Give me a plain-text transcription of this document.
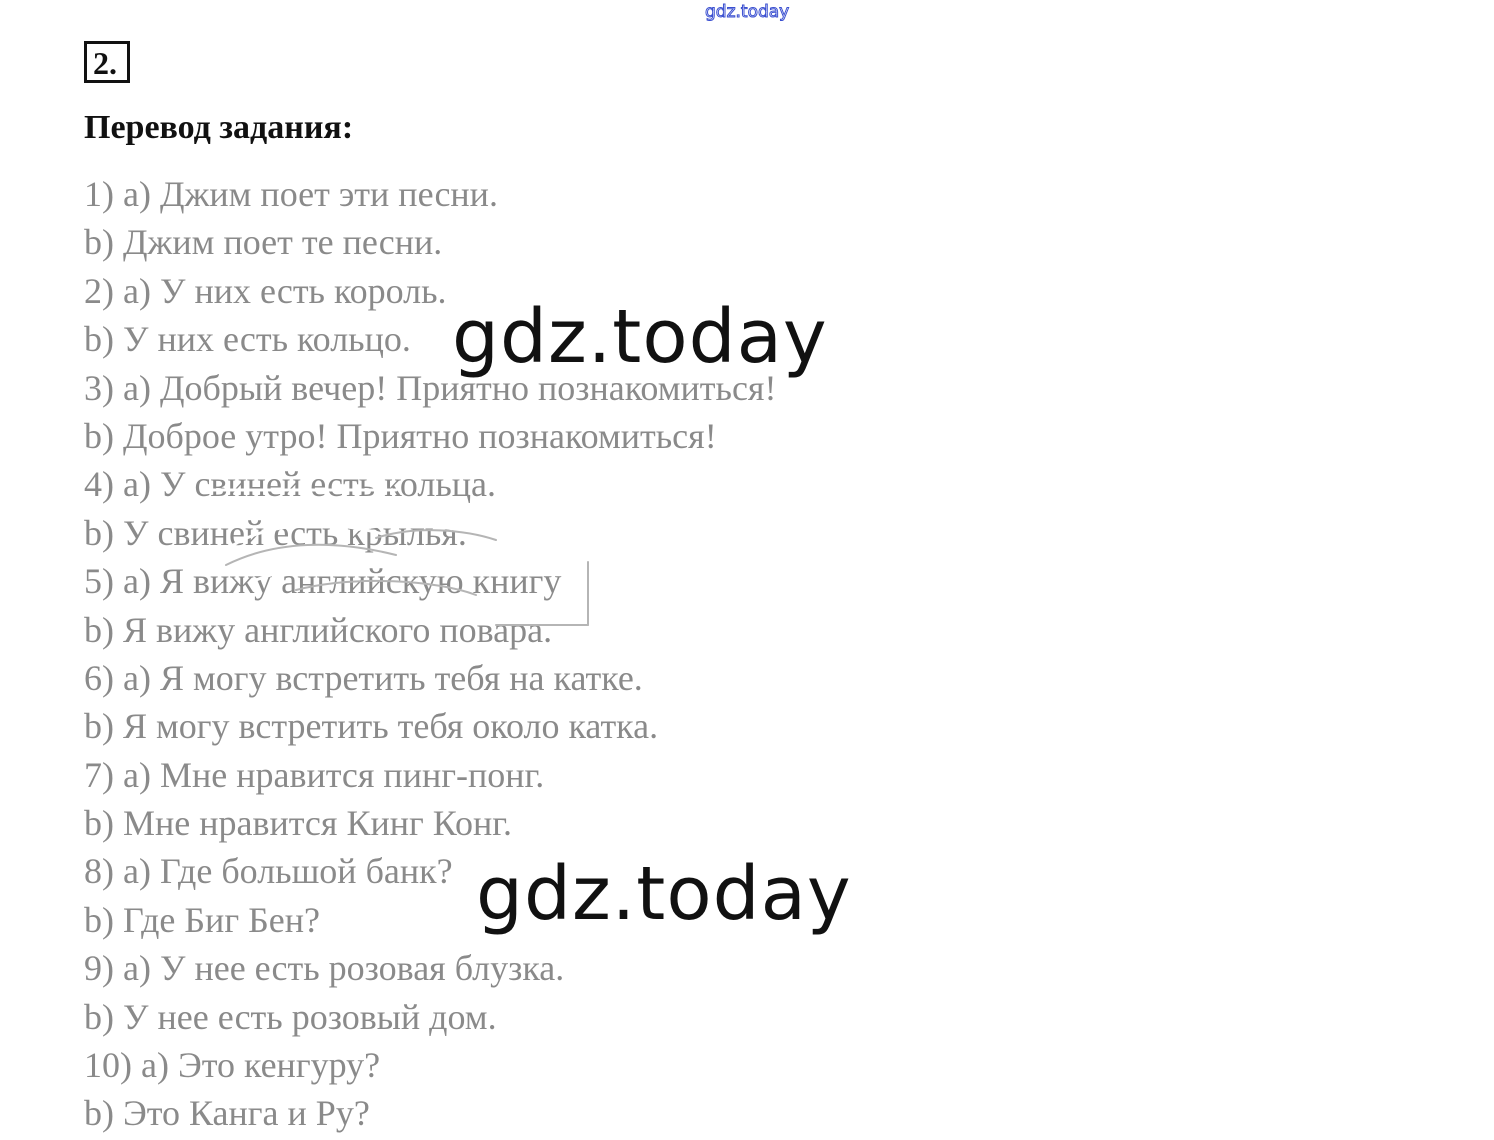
gdz.today
2.
Перевод задания:
1) a) Джим поет эти песни.
b) Джим поет те песни.
2) a) У них есть король.
b) У них есть кольцо.
3) a) Добрый вечер! Приятно познакомиться!
b) Доброе утро! Приятно познакомиться!
4) a) У свиней есть кольца.
b) У свиней есть крылья.
5) a) Я вижу английскую книгу
b) Я вижу английского повара.
6) a) Я могу встретить тебя на катке.
b) Я могу встретить тебя около катка.
7) a) Мне нравится пинг-понг.
b) Мне нравится Кинг Конг.
8) a) Где большой банк?
b) Где Биг Бен?
9) a) У нее есть розовая блузка.
b) У нее есть розовый дом.
10) a) Это кенгуру?
b) Это Канга и Ру?
gdz.today
gdz.today
